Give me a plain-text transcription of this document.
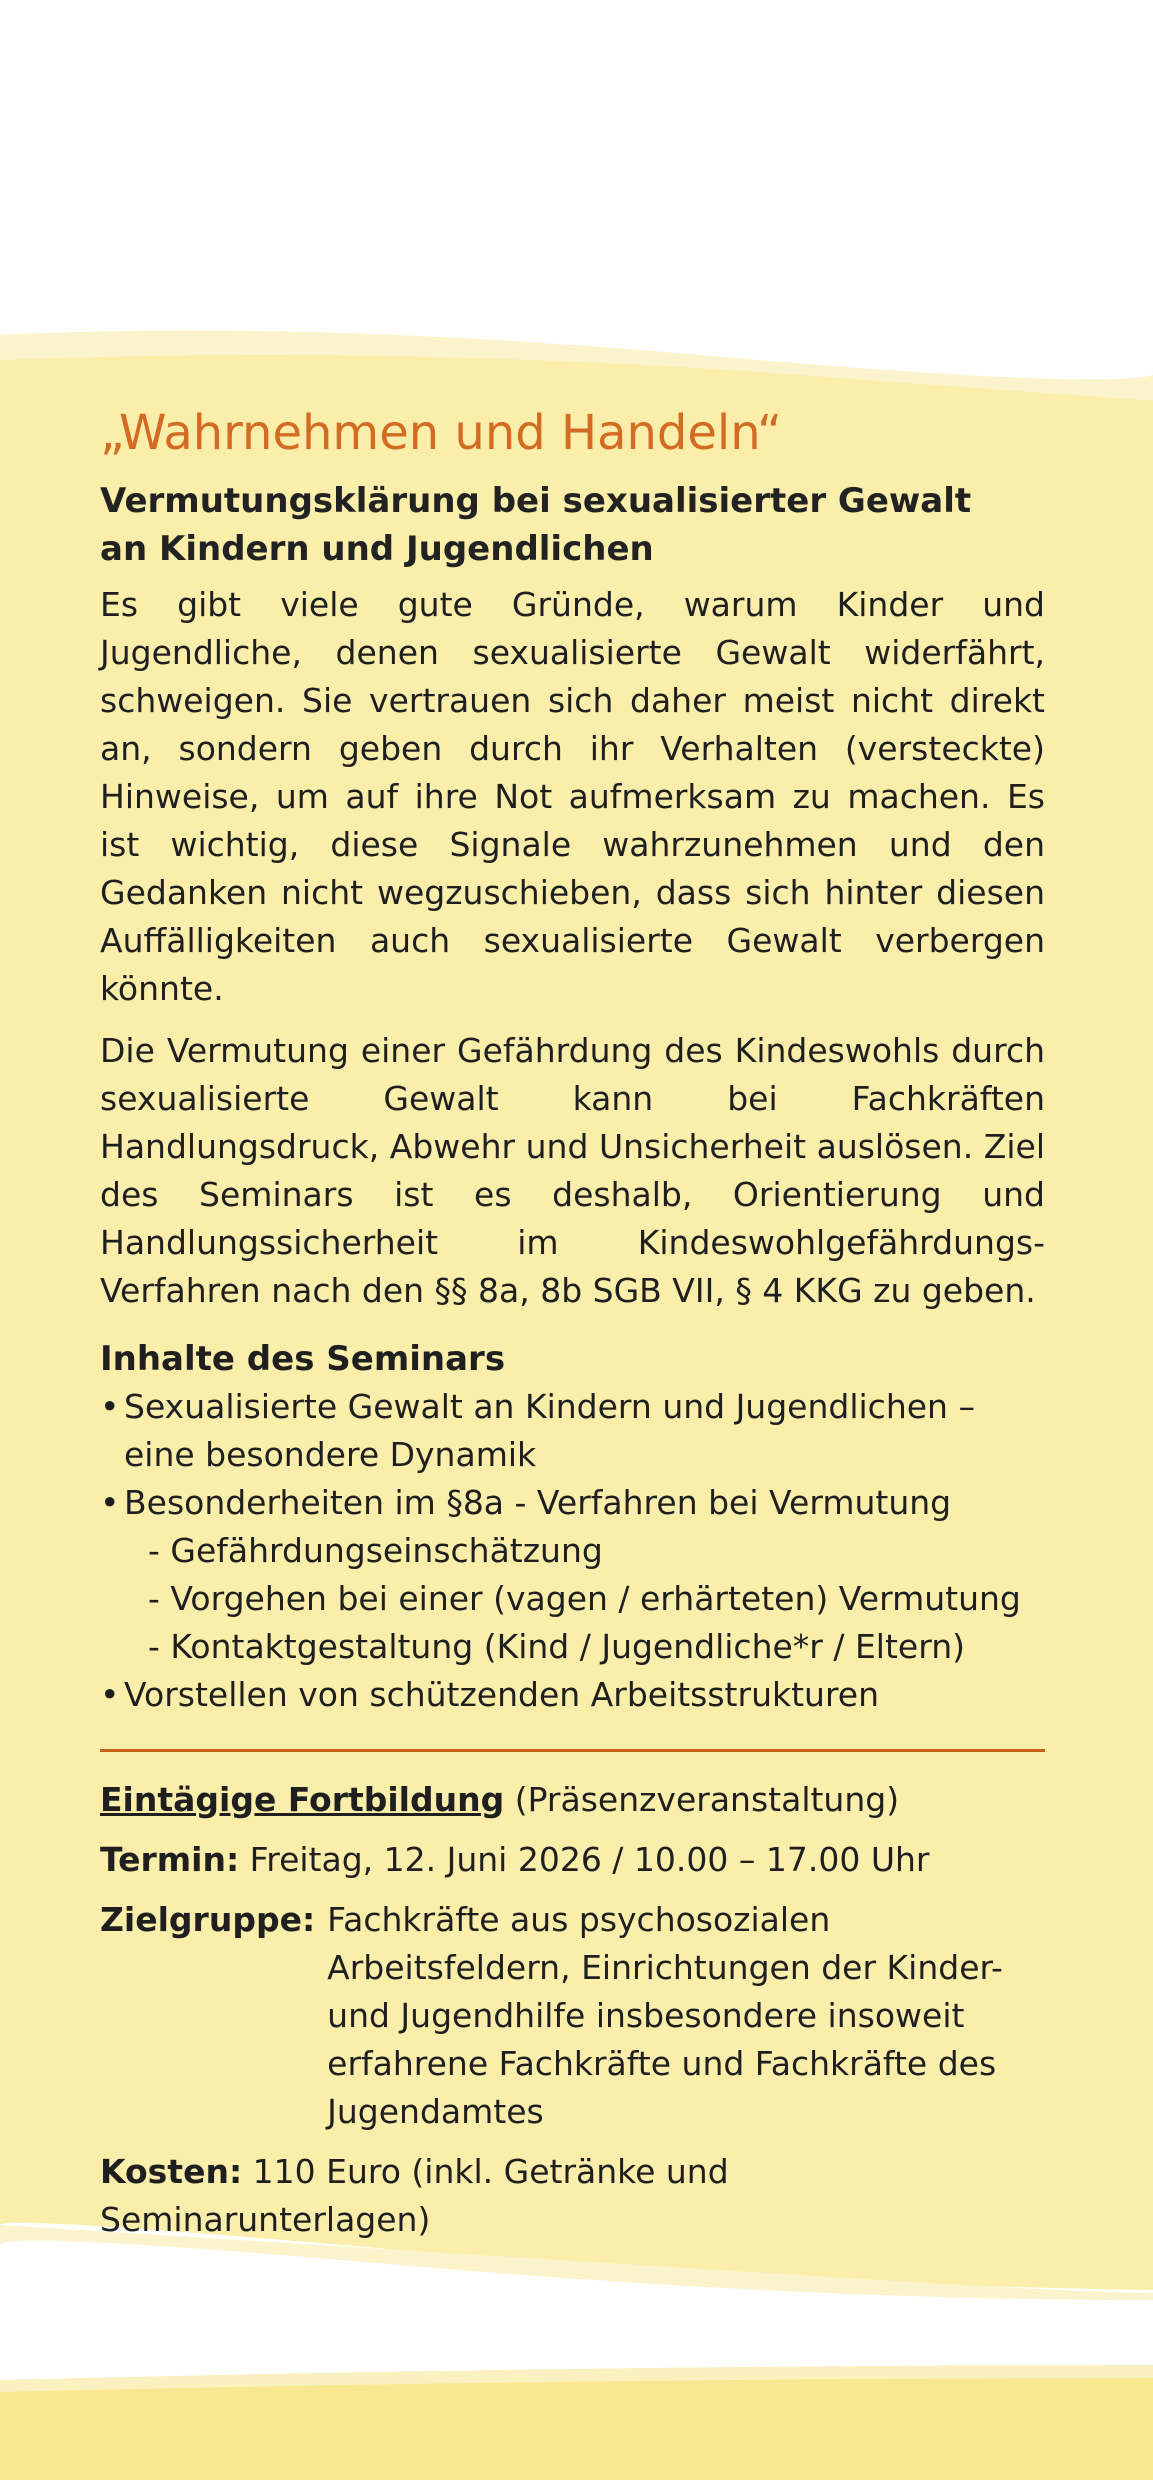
„Wahrnehmen und Handeln“
Vermutungsklärung bei sexualisierter Gewalt
an Kindern und Jugendlichen

Es gibt viele gute Gründe, warum Kinder und Jugendliche, denen sexualisierte Gewalt widerfährt, schweigen. Sie vertrauen sich daher meist nicht direkt an, sondern geben durch ihr Verhalten (versteckte) Hinweise, um auf ihre Not aufmerksam zu machen. Es ist wichtig, diese Signale wahrzunehmen und den Gedanken nicht wegzuschieben, dass sich hinter diesen Auffälligkeiten auch sexualisierte Gewalt verbergen könnte.

Die Vermutung einer Gefährdung des Kindeswohls durch sexualisierte Gewalt kann bei Fachkräften Handlungsdruck, Abwehr und Unsicherheit auslösen. Ziel des Seminars ist es deshalb, Orientierung und Handlungssicherheit im Kindeswohlgefährdungs-Verfahren nach den §§ 8a, 8b SGB VII, § 4 KKG zu geben.

Inhalte des Seminars
• Sexualisierte Gewalt an Kindern und Jugendlichen – eine besondere Dynamik
• Besonderheiten im §8a - Verfahren bei Vermutung
- Gefährdungseinschätzung
- Vorgehen bei einer (vagen / erhärteten) Vermutung
- Kontaktgestaltung (Kind / Jugendliche*r / Eltern)
• Vorstellen von schützenden Arbeitsstrukturen
Eintägige Fortbildung (Präsenzveranstaltung)
Termin: Freitag, 12. Juni 2026 / 10.00 – 17.00 Uhr
Zielgruppe: Fachkräfte aus psychosozialen Arbeitsfeldern, Einrichtungen der Kinder- und Jugendhilfe insbesondere insoweit erfahrene Fachkräfte und Fachkräfte des Jugendamtes
Kosten: 110 Euro (inkl. Getränke und Seminarunterlagen)
